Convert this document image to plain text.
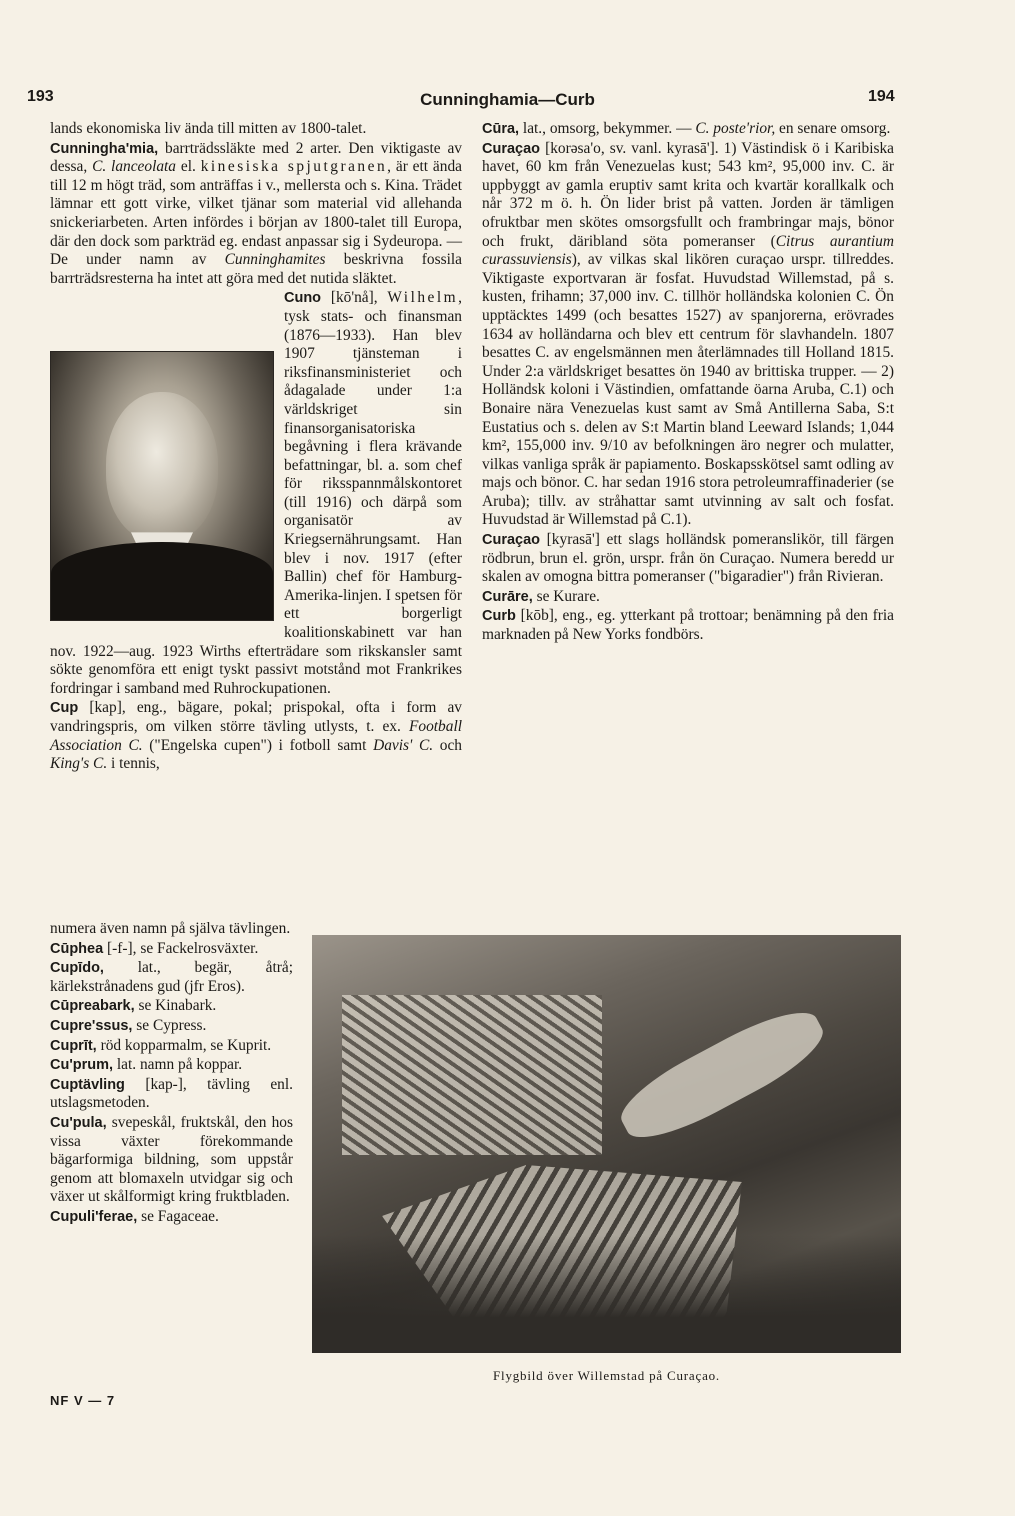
193	Cunninghamia—Curb	194

lands ekonomiska liv ända till mitten av 1800-talet.

Cunningha'mia, barrträdssläkte med 2 arter. Den viktigaste av dessa, C. lanceolata el. kinesiska spjutgranen, är ett ända till 12 m högt träd, som anträffas i v., mellersta och s. Kina. Trädet lämnar ett gott virke, vilket tjänar som material vid allehanda snickeriarbeten. Arten infördes i början av 1800-talet till Europa, där den dock som parkträd eg. endast anpassar sig i Sydeuropa. — De under namn av Cunninghamites beskrivna fossila barrträdsresterna ha intet att göra med det nutida släktet.

Cuno [kō'nå], Wilhelm, tysk stats- och finansman (1876—1933). Han blev 1907 tjänsteman i riksfinansministeriet och ådagalade under 1:a världskriget sin finansorganisatoriska begåvning i flera krävande befattningar, bl. a. som chef för riksspannmålskontoret (till 1916) och därpå som organisatör av Kriegsernährungsamt. Han blev i nov. 1917 (efter Ballin) chef för Hamburg-Amerika-linjen. I spetsen för ett borgerligt koalitionskabinett var han nov. 1922—aug. 1923 Wirths efterträdare som rikskansler samt sökte genomföra ett enigt tyskt passivt motstånd mot Frankrikes fordringar i samband med Ruhrockupationen.

Cup [kap], eng., bägare, pokal; prispokal, ofta i form av vandringspris, om vilken större tävling utlysts, t. ex. Football Association C. ("Engelska cupen") i fotboll samt Davis' C. och King's C. i tennis,

numera även namn på själva tävlingen.

Cūphea [-f-], se Fackelrosväxter.

Cupīdo, lat., begär, åtrå; kärlekstrånadens gud (jfr Eros).

Cūpreabark, se Kinabark.

Cupre'ssus, se Cypress.

Cuprīt, röd kopparmalm, se Kuprit.

Cu'prum, lat. namn på koppar.

Cuptävling [kap-], tävling enl. utslagsmetoden.

Cu'pula, svepeskål, fruktskål, den hos vissa växter förekommande bägarformiga bildning, som uppstår genom att blomaxeln utvidgar sig och växer ut skålformigt kring fruktbladen.

Cupuli'ferae, se Fagaceae.

Cūra, lat., omsorg, bekymmer. — C. poste'rior, en senare omsorg.

Curaçao [korəsa'o, sv. vanl. kyrasā']. 1) Västindisk ö i Karibiska havet, 60 km från Venezuelas kust; 543 km², 95,000 inv. C. är uppbyggt av gamla eruptiv samt krita och kvartär korallkalk och når 372 m ö. h. Ön lider brist på vatten. Jorden är tämligen ofruktbar men skötes omsorgsfullt och frambringar majs, bönor och frukt, däribland söta pomeranser (Citrus aurantium curassuviensis), av vilkas skal likören curaçao urspr. tillreddes. Viktigaste exportvaran är fosfat. Huvudstad Willemstad, på s. kusten, frihamn; 37,000 inv. C. tillhör holländska kolonien C. Ön upptäcktes 1499 (och besattes 1527) av spanjorerna, erövrades 1634 av holländarna och blev ett centrum för slavhandeln. 1807 besattes C. av engelsmännen men återlämnades till Holland 1815. Under 2:a världskriget besattes ön 1940 av brittiska trupper. — 2) Holländsk koloni i Västindien, omfattande öarna Aruba, C.1) och Bonaire nära Venezuelas kust samt av Små Antillerna Saba, S:t Eustatius och s. delen av S:t Martin bland Leeward Islands; 1,044 km², 155,000 inv. 9/10 av befolkningen äro negrer och mulatter, vilkas vanliga språk är papiamento. Boskapsskötsel samt odling av majs och bönor. C. har sedan 1916 stora petroleumraffinaderier (se Aruba); tillv. av stråhattar samt utvinning av salt och fosfat. Huvudstad är Willemstad på C.1).

Curaçao [kyrasā'] ett slags holländsk pomeranslikör, till färgen rödbrun, brun el. grön, urspr. från ön Curaçao. Numera beredd ur skalen av omogna bittra pomeranser ("bigaradier") från Rivieran.

Curāre, se Kurare.

Curb [kōb], eng., eg. ytterkant på trottoar; benämning på den fria marknaden på New Yorks fondbörs.

Flygbild över Willemstad på Curaçao.
NF V — 7
